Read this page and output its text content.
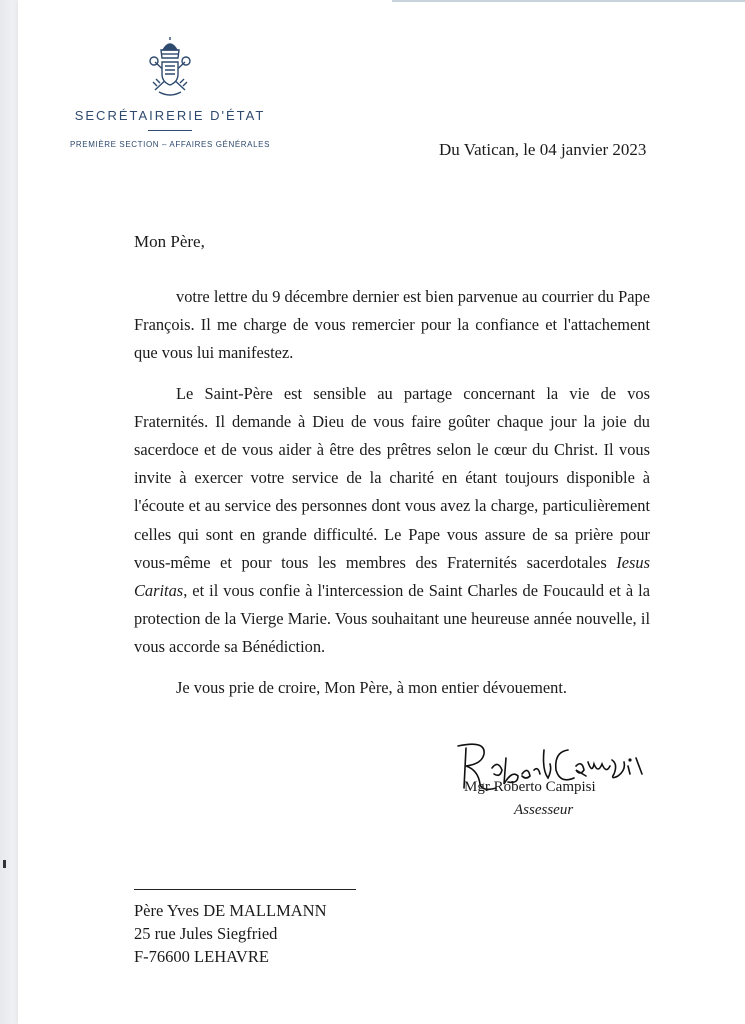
SECRÉTAIRERIE D'ÉTAT
PREMIÈRE SECTION – AFFAIRES GÉNÉRALES	Du Vatican, le 04 janvier 2023
Mon Père,

votre lettre du 9 décembre dernier est bien parvenue au courrier du Pape François. Il me charge de vous remercier pour la confiance et l'attachement que vous lui manifestez.

Le Saint-Père est sensible au partage concernant la vie de vos Fraternités. Il demande à Dieu de vous faire goûter chaque jour la joie du sacerdoce et de vous aider à être des prêtres selon le cœur du Christ. Il vous invite à exercer votre service de la charité en étant toujours disponible à l'écoute et au service des personnes dont vous avez la charge, particulièrement celles qui sont en grande difficulté. Le Pape vous assure de sa prière pour vous-même et pour tous les membres des Fraternités sacerdotales Iesus Caritas, et il vous confie à l'intercession de Saint Charles de Foucauld et à la protection de la Vierge Marie. Vous souhaitant une heureuse année nouvelle, il vous accorde sa Bénédiction.

Je vous prie de croire, Mon Père, à mon entier dévouement.

Mgr Roberto Campisi
Assesseur
Père Yves DE MALLMANN
25 rue Jules Siegfried
F-76600 LEHAVRE
